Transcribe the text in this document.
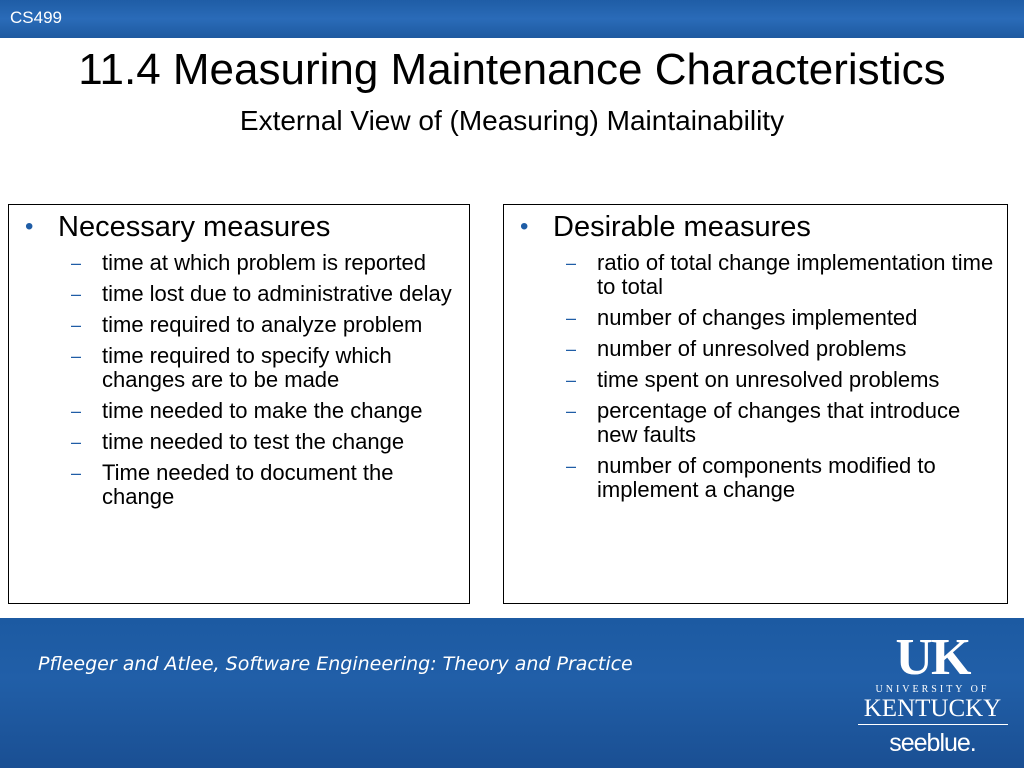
CS499
11.4 Measuring Maintenance Characteristics
External View of (Measuring) Maintainability
• Necessary measures
– time at which problem is reported
– time lost due to administrative delay
– time required to analyze problem
– time required to specify which changes are to be made
– time needed to make the change
– time needed to test the change
– Time needed to document the change
• Desirable measures
– ratio of total change implementation time to total
– number of changes implemented
– number of unresolved problems
– time spent on unresolved problems
– percentage of changes that introduce new faults
– number of components modified to implement a change
Pfleeger and Atlee, Software Engineering: Theory and Practice	UK
UNIVERSITY OF
KENTUCKY
seeblue.
